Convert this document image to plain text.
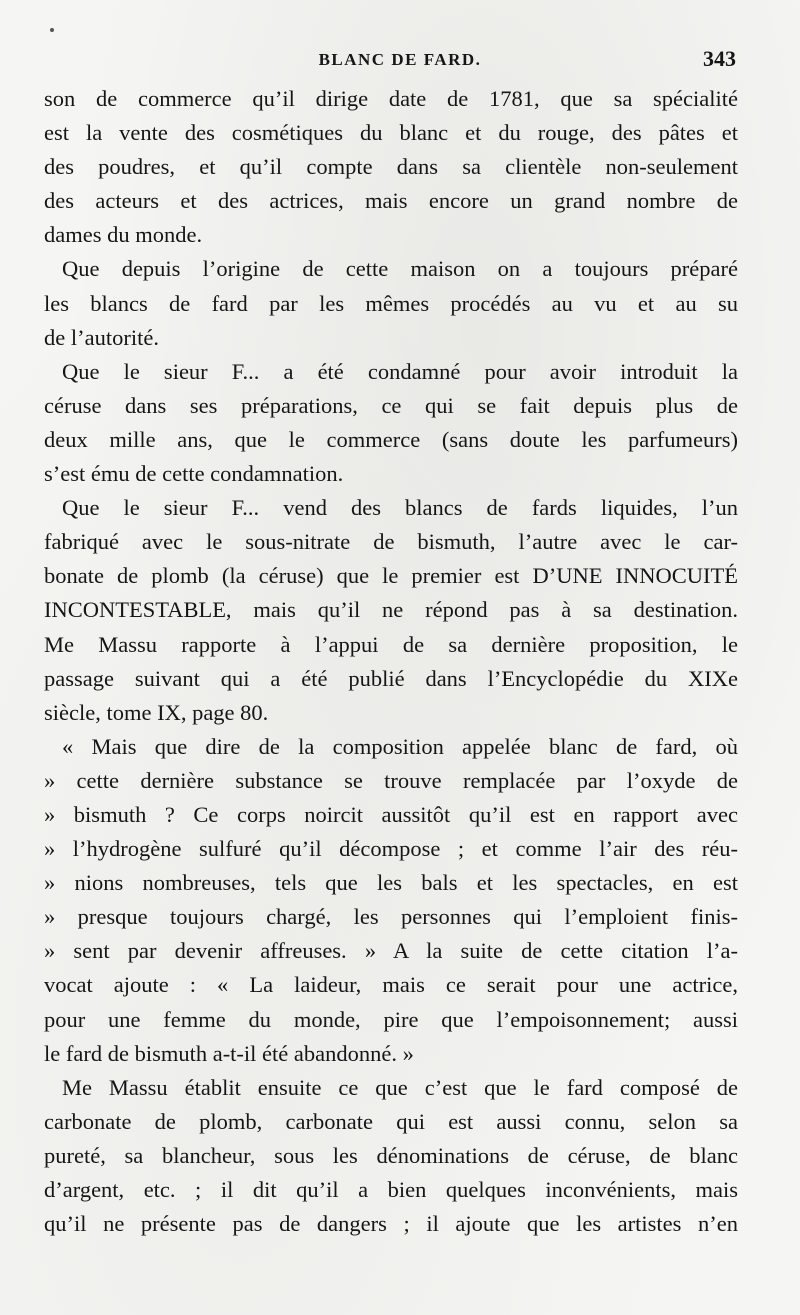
BLANC DE FARD.	343
son de commerce qu’il dirige date de 1781, que sa spécialité
est la vente des cosmétiques du blanc et du rouge, des pâtes et
des poudres, et qu’il compte dans sa clientèle non-seulement
des acteurs et des actrices, mais encore un grand nombre de
dames du monde.
Que depuis l’origine de cette maison on a toujours préparé
les blancs de fard par les mêmes procédés au vu et au su
de l’autorité.
Que le sieur F... a été condamné pour avoir introduit la
céruse dans ses préparations, ce qui se fait depuis plus de
deux mille ans, que le commerce (sans doute les parfumeurs)
s’est ému de cette condamnation.
Que le sieur F... vend des blancs de fards liquides, l’un
fabriqué avec le sous-nitrate de bismuth, l’autre avec le car-
bonate de plomb (la céruse) que le premier est D’UNE INNOCUITÉ
INCONTESTABLE, mais qu’il ne répond pas à sa destination.
Me Massu rapporte à l’appui de sa dernière proposition, le
passage suivant qui a été publié dans l’Encyclopédie du XIXe
siècle, tome IX, page 80.
« Mais que dire de la composition appelée blanc de fard, où
» cette dernière substance se trouve remplacée par l’oxyde de
» bismuth ? Ce corps noircit aussitôt qu’il est en rapport avec
» l’hydrogène sulfuré qu’il décompose ; et comme l’air des réu-
» nions nombreuses, tels que les bals et les spectacles, en est
» presque toujours chargé, les personnes qui l’emploient finis-
» sent par devenir affreuses. » A la suite de cette citation l’a-
vocat ajoute : « La laideur, mais ce serait pour une actrice,
pour une femme du monde, pire que l’empoisonnement; aussi
le fard de bismuth a-t-il été abandonné. »
Me Massu établit ensuite ce que c’est que le fard composé de
carbonate de plomb, carbonate qui est aussi connu, selon sa
pureté, sa blancheur, sous les dénominations de céruse, de blanc
d’argent, etc. ; il dit qu’il a bien quelques inconvénients, mais
qu’il ne présente pas de dangers ; il ajoute que les artistes n’en
